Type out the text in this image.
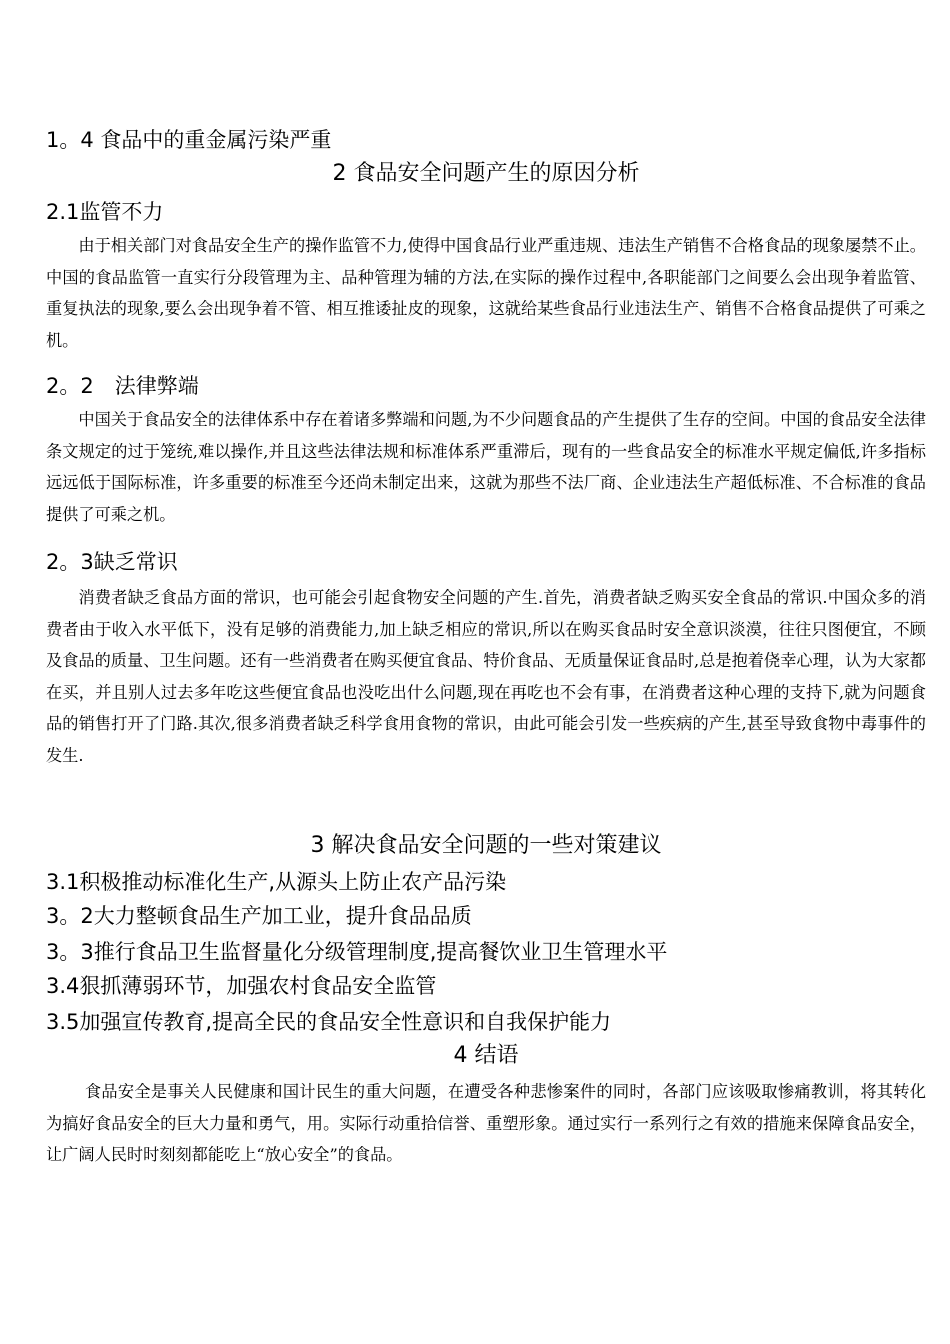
1。4 食品中的重金属污染严重
2 食品安全问题产生的原因分析
2.1监管不力

由于相关部门对食品安全生产的操作监管不力,使得中国食品行业严重违规、违法生产销售不合格食品的现象屡禁不止。中国的食品监管一直实行分段管理为主、品种管理为辅的方法,在实际的操作过程中,各职能部门之间要么会出现争着监管、重复执法的现象,要么会出现争着不管、相互推诿扯皮的现象，这就给某些食品行业违法生产、销售不合格食品提供了可乘之机。

2。2　法律弊端

中国关于食品安全的法律体系中存在着诸多弊端和问题,为不少问题食品的产生提供了生存的空间。中国的食品安全法律条文规定的过于笼统,难以操作,并且这些法律法规和标准体系严重滞后，现有的一些食品安全的标准水平规定偏低,许多指标远远低于国际标准，许多重要的标准至今还尚未制定出来，这就为那些不法厂商、企业违法生产超低标准、不合标准的食品提供了可乘之机。

2。3缺乏常识

消费者缺乏食品方面的常识，也可能会引起食物安全问题的产生.首先，消费者缺乏购买安全食品的常识.中国众多的消费者由于收入水平低下，没有足够的消费能力,加上缺乏相应的常识,所以在购买食品时安全意识淡漠，往往只图便宜，不顾及食品的质量、卫生问题。还有一些消费者在购买便宜食品、特价食品、无质量保证食品时,总是抱着侥幸心理，认为大家都在买，并且别人过去多年吃这些便宜食品也没吃出什么问题,现在再吃也不会有事，在消费者这种心理的支持下,就为问题食品的销售打开了门路.其次,很多消费者缺乏科学食用食物的常识，由此可能会引发一些疾病的产生,甚至导致食物中毒事件的发生.

3 解决食品安全问题的一些对策建议
3.1积极推动标准化生产,从源头上防止农产品污染
3。2大力整顿食品生产加工业，提升食品品质
3。3推行食品卫生监督量化分级管理制度,提高餐饮业卫生管理水平
3.4狠抓薄弱环节，加强农村食品安全监管
3.5加强宣传教育,提高全民的食品安全性意识和自我保护能力
4 结语

食品安全是事关人民健康和国计民生的重大问题，在遭受各种悲惨案件的同时，各部门应该吸取惨痛教训，将其转化为搞好食品安全的巨大力量和勇气，用。实际行动重拾信誉、重塑形象。通过实行一系列行之有效的措施来保障食品安全，让广阔人民时时刻刻都能吃上“放心安全”的食品。
